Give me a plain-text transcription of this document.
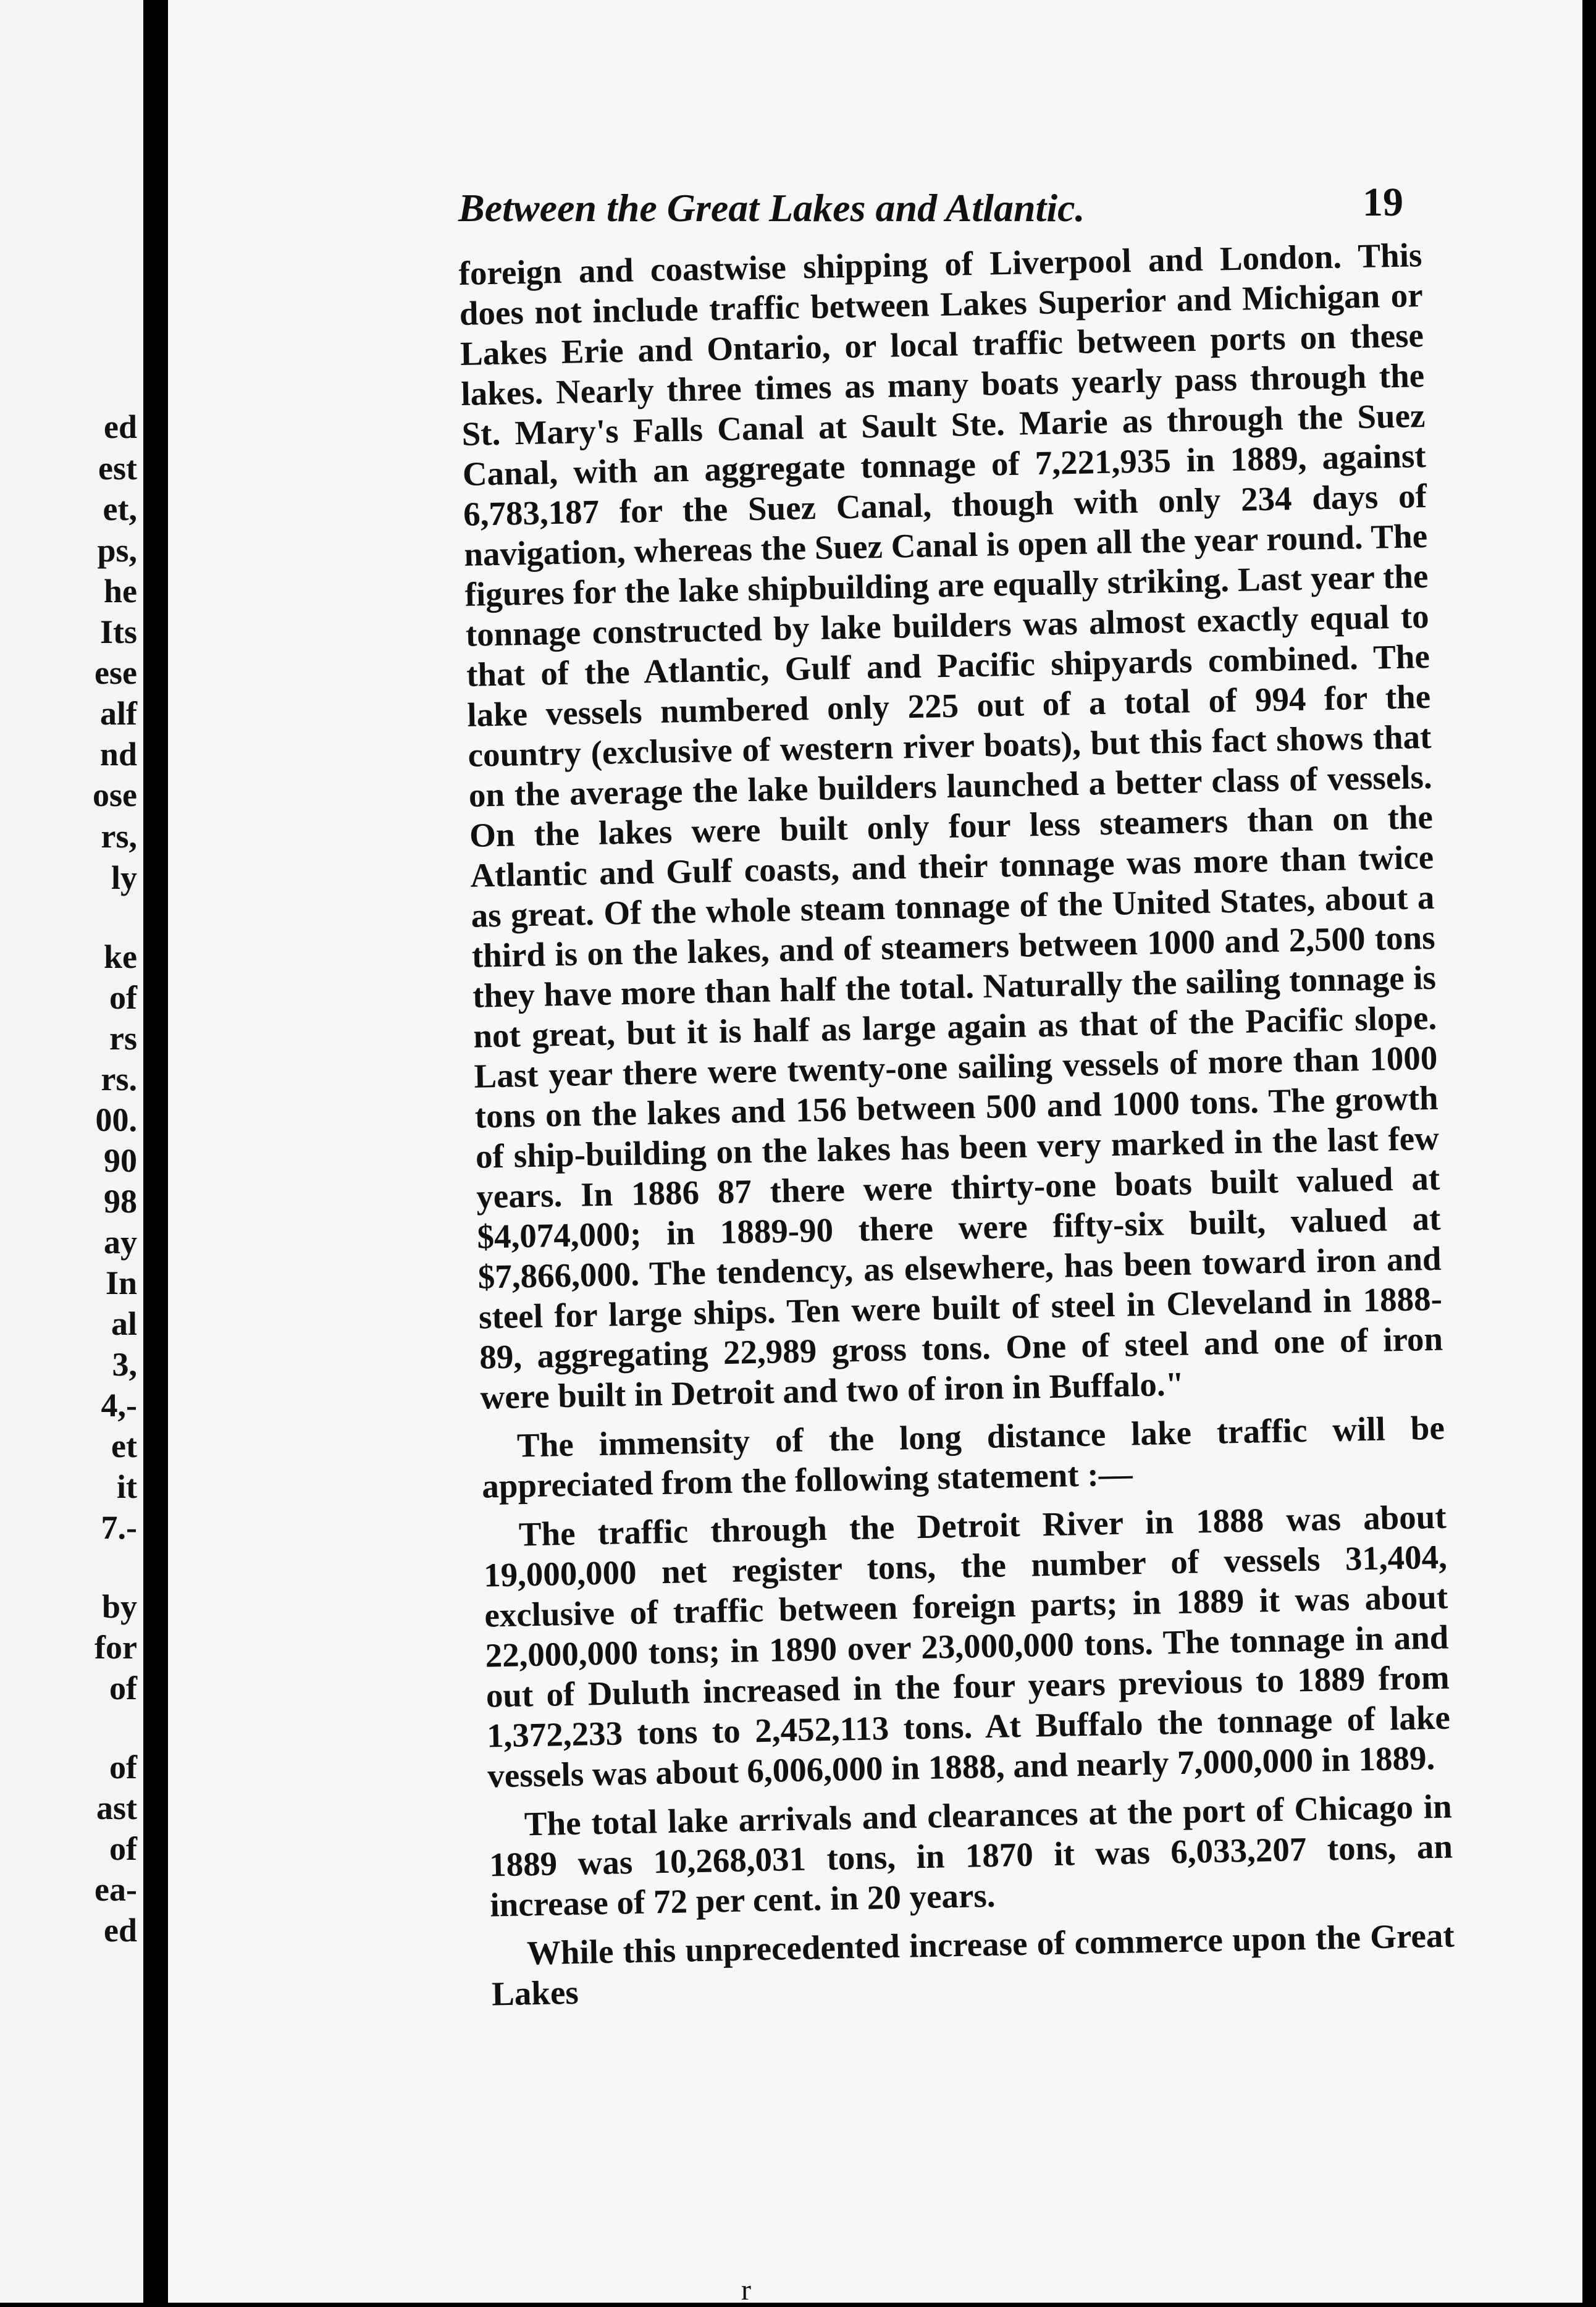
ed
est
et,
ps,
he
Its
ese
alf
nd
ose
rs,
ly
ke
of
rs
rs.
00.
90
98
ay
In
al
3,
4,-
et
it
7.-
by
for
of
of
ast
of
ea-
ed
Between the Great Lakes and Atlantic.	19

foreign and coastwise shipping of Liverpool and London. This does not include traffic between Lakes Superior and Michigan or Lakes Erie and Ontario, or local traffic between ports on these lakes. Nearly three times as many boats yearly pass through the St. Mary's Falls Canal at Sault Ste. Marie as through the Suez Canal, with an aggregate tonnage of 7,221,935 in 1889, against 6,783,187 for the Suez Canal, though with only 234 days of navigation, whereas the Suez Canal is open all the year round. The figures for the lake shipbuilding are equally striking. Last year the tonnage constructed by lake builders was almost exactly equal to that of the Atlantic, Gulf and Pacific shipyards combined. The lake vessels numbered only 225 out of a total of 994 for the country (exclusive of western river boats), but this fact shows that on the average the lake builders launched a better class of vessels. On the lakes were built only four less steamers than on the Atlantic and Gulf coasts, and their tonnage was more than twice as great. Of the whole steam tonnage of the United States, about a third is on the lakes, and of steamers between 1000 and 2,500 tons they have more than half the total. Naturally the sailing tonnage is not great, but it is half as large again as that of the Pacific slope. Last year there were twenty-one sailing vessels of more than 1000 tons on the lakes and 156 between 500 and 1000 tons. The growth of ship-building on the lakes has been very marked in the last few years. In 1886 87 there were thirty-one boats built valued at $4,074,000; in 1889-90 there were fifty-six built, valued at $7,866,000. The tendency, as elsewhere, has been toward iron and steel for large ships. Ten were built of steel in Cleveland in 1888-89, aggregating 22,989 gross tons. One of steel and one of iron were built in Detroit and two of iron in Buffalo."

The immensity of the long distance lake traffic will be appreciated from the following statement :—

The traffic through the Detroit River in 1888 was about 19,000,000 net register tons, the number of vessels 31,404, exclusive of traffic between foreign parts; in 1889 it was about 22,000,000 tons; in 1890 over 23,000,000 tons. The tonnage in and out of Duluth increased in the four years previous to 1889 from 1,372,233 tons to 2,452,113 tons. At Buffalo the tonnage of lake vessels was about 6,006,000 in 1888, and nearly 7,000,000 in 1889.

The total lake arrivals and clearances at the port of Chicago in 1889 was 10,268,031 tons, in 1870 it was 6,033,207 tons, an increase of 72 per cent. in 20 years.

While this unprecedented increase of commerce upon the Great Lakes

r
